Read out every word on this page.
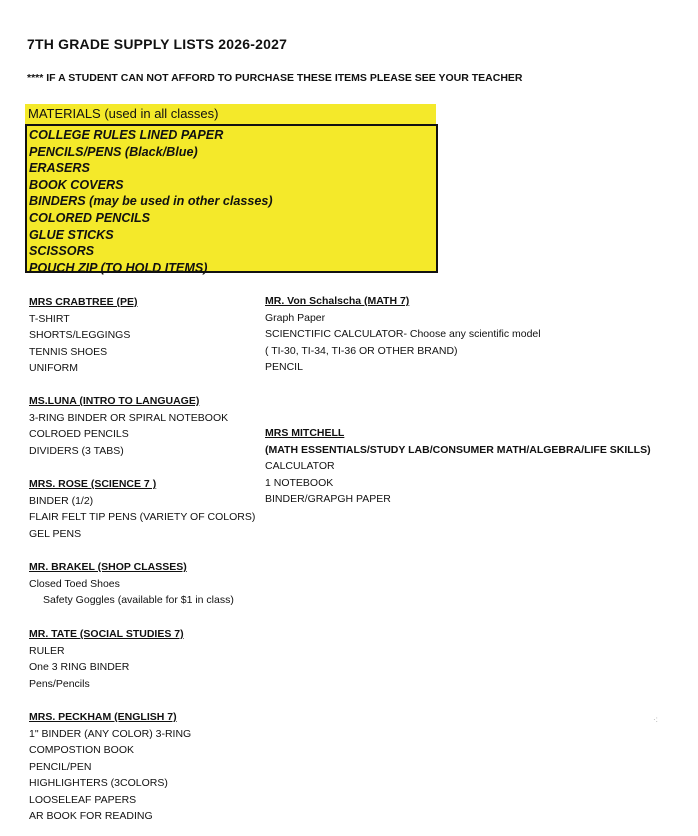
7TH GRADE SUPPLY LISTS 2026-2027
**** IF A STUDENT CAN NOT AFFORD TO PURCHASE THESE ITEMS PLEASE SEE YOUR TEACHER
MATERIALS (used in all classes)
COLLEGE RULES LINED PAPER
PENCILS/PENS (Black/Blue)
ERASERS
BOOK COVERS
BINDERS (may be used in other classes)
COLORED PENCILS
GLUE STICKS
SCISSORS
POUCH ZIP (TO HOLD ITEMS)
MRS CRABTREE (PE)
T-SHIRT
SHORTS/LEGGINGS
TENNIS SHOES
UNIFORM
MS.LUNA (INTRO TO LANGUAGE)
3-RING BINDER OR SPIRAL NOTEBOOK
COLROED PENCILS
DIVIDERS (3 TABS)
MRS. ROSE (SCIENCE 7 )
BINDER (1/2)
FLAIR FELT TIP PENS (VARIETY OF COLORS)
GEL PENS
MR. BRAKEL (SHOP CLASSES)
Closed Toed Shoes
Safety Goggles (available for $1 in class)
MR. TATE (SOCIAL STUDIES 7)
RULER
One 3 RING BINDER
Pens/Pencils
MRS. PECKHAM (ENGLISH 7)
1" BINDER (ANY COLOR) 3-RING
COMPOSTION BOOK
PENCIL/PEN
HIGHLIGHTERS (3COLORS)
LOOSELEAF PAPERS
AR BOOK FOR READING
MR. Von Schalscha (MATH 7)
Graph Paper
SCIENCTIFIC CALCULATOR- Choose any scientific model
( TI-30, TI-34, TI-36 OR OTHER BRAND)
PENCIL
MRS MITCHELL
(MATH ESSENTIALS/STUDY LAB/CONSUMER MATH/ALGEBRA/LIFE SKILLS)
CALCULATOR
1 NOTEBOOK
BINDER/GRAPGH PAPER
·:
